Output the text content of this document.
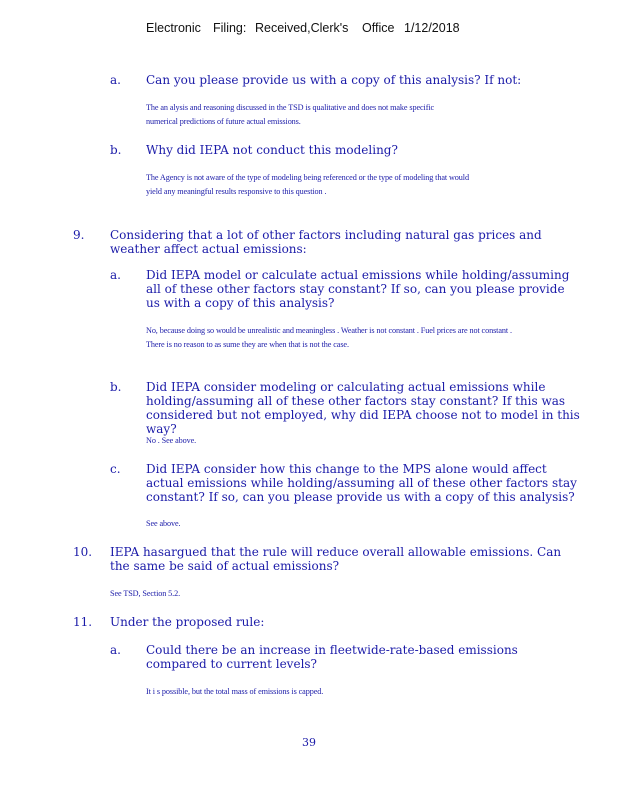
Electronic Filing: Received,Clerk's Office 1/12/2018
a. Can you please provide us with a copy of this analysis? If not:
The an alysis and reasoning discussed in the TSD is qualitative and does not make specific numerical predictions of future actual emissions.
b. Why did IEPA not conduct this modeling?
The Agency is not aware of the type of modeling being referenced or the type of modeling that would yield any meaningful results responsive to this question .
9. Considering that a lot of other factors including natural gas prices and weather affect actual emissions:
a. Did IEPA model or calculate actual emissions while holding/assuming all of these other factors stay constant? If so, can you please provide us with a copy of this analysis?
No, because doing so would be unrealistic and meaningless . Weather is not constant . Fuel prices are not constant . There is no reason to as sume they are when that is not the case.
b. Did IEPA consider modeling or calculating actual emissions while holding/assuming all of these other factors stay constant? If this was considered but not employed, why did IEPA choose not to model in this way?
No . See above.
c. Did IEPA consider how this change to the MPS alone would affect actual emissions while holding/assuming all of these other factors stay constant? If so, can you please provide us with a copy of this analysis?
See above.
10. IEPA hasargued that the rule will reduce overall allowable emissions. Can the same be said of actual emissions?
See TSD, Section 5.2.
11. Under the proposed rule:
a. Could there be an increase in fleetwide-rate-based emissions compared to current levels?
It i s possible, but the total mass of emissions is capped.
39
